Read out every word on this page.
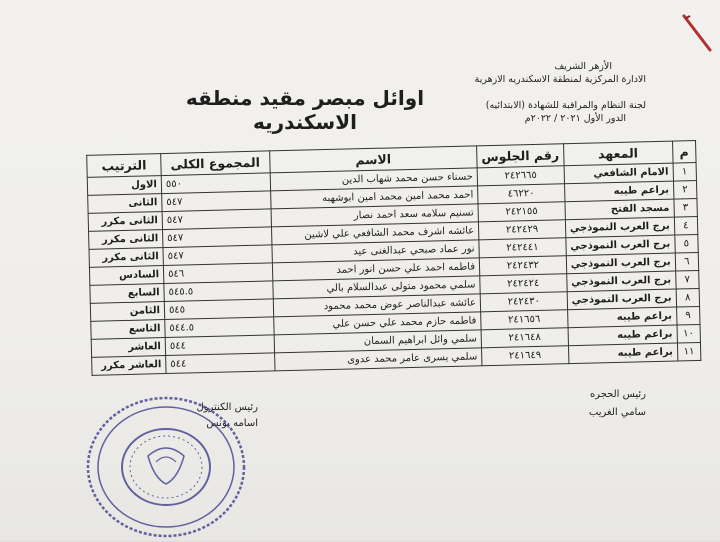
الأزهر الشريف
الادارة المركزية لمنطقة الاسكندريه الازهرية
لجنة النظام والمراقبة للشهادة (الابتدائيه)
الدور الأول ٢٠٢١ / ٢٠٢٢م
اوائل مبصر مقيد منطقه الاسكندريه
م	المعهد	رقم الجلوس	الاسم	المجموع الكلى	الترتيب
١	الامام الشافعي	٢٤٢٦٦٥	حسناء حسن محمد شهاب الدين	٥٥٠	الاول
٢	براعم طيبه	٤٦٢٢٠	احمد محمد امين محمد امين ابوشهبه	٥٤٧	الثانى
٣	مسجد الفتح	٢٤٢١٥٥	تسنيم سلامه سعد احمد نصار	٥٤٧	الثانى مكرر
٤	برج العرب النموذجي	٢٤٢٤٢٩	عائشه اشرف محمد الشافعي علي لاشين	٥٤٧	الثانى مكرر
٥	برج العرب النموذجي	٢٤٢٤٤١	نور عماد صبحي عبدالغنى عيد	٥٤٧	الثانى مكرر
٦	برج العرب النموذجي	٢٤٢٤٣٢	فاطمه احمد علي حسن انور احمد	٥٤٦	السادس
٧	برج العرب النموذجي	٢٤٢٤٢٤	سلمي محمود متولى عبدالسلام بالي	٥٤٥.٥	السابع
٨	برج العرب النموذجي	٢٤٢٤٣٠	عائشه عبدالناصر عوض محمد محمود	٥٤٥	الثامن
٩	براعم طيبه	٢٤١٦٥٦	فاطمه حازم محمد علي حسن علي	٥٤٤.٥	التاسع
١٠	براعم طيبه	٢٤١٦٤٨	سلمي وائل ابراهيم السمان	٥٤٤	العاشر
١١	براعم طيبه	٢٤١٦٤٩	سلمي يسرى عامر محمد عدوى	٥٤٤	العاشر مكرر
رئيس الكنترول
اسامه يونس
رئيس الحجره
سامي الغريب
